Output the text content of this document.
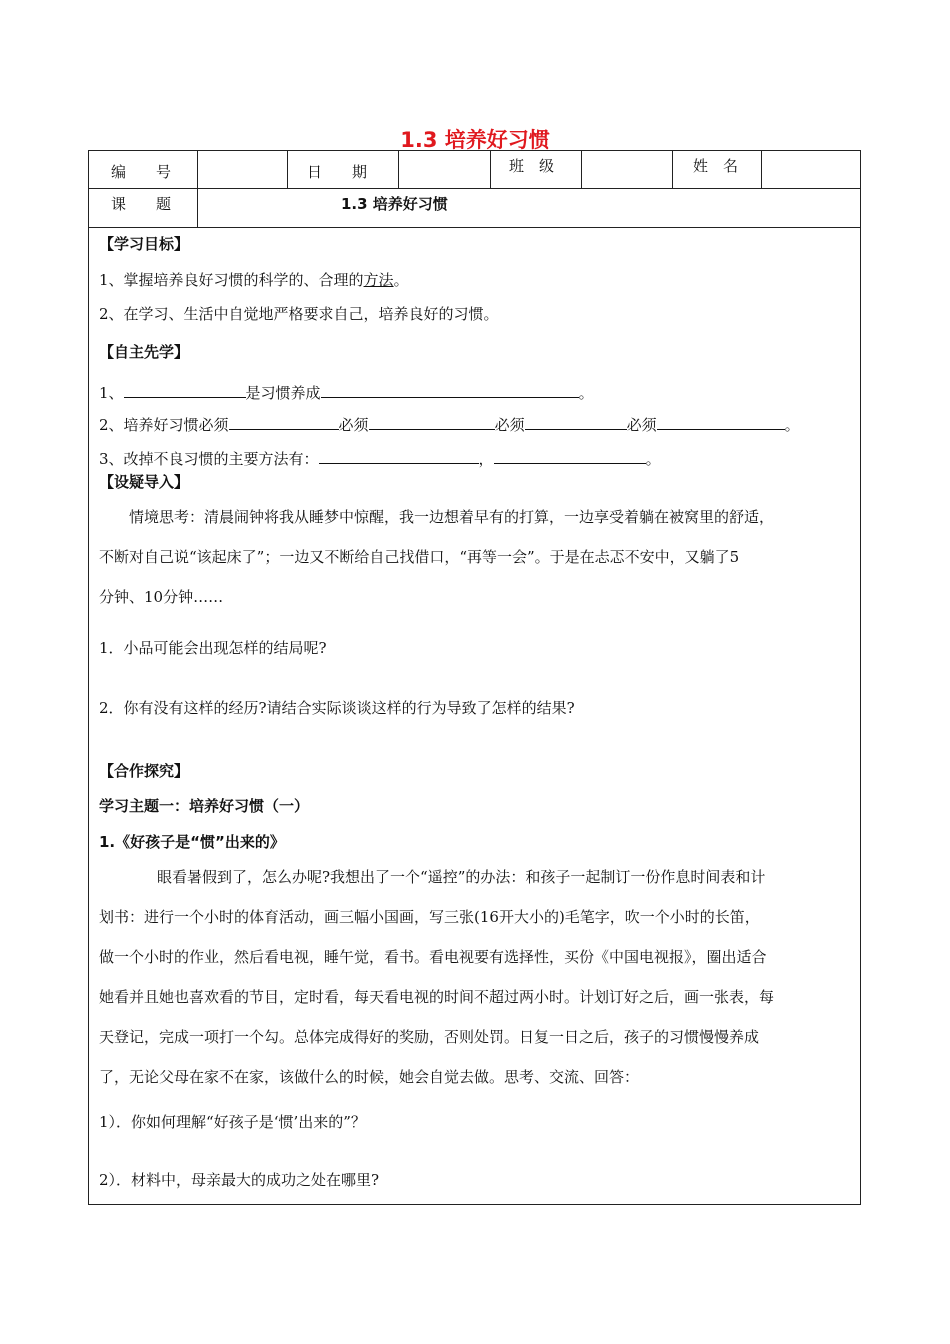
1.3 培养好习惯
编　　号	日　　期	班　级	姓　名
课　　题	1.3 培养好习惯
【学习目标】
1、掌握培养良好习惯的科学的、合理的方法。
2、在学习、生活中自觉地严格要求自己，培养良好的习惯。
【自主先学】
1、	是习惯养成	。
2、培养好习惯必须	必须	必须	必须	。
3、改掉不良习惯的主要方法有：	，	。
【设疑导入】
情境思考：清晨闹钟将我从睡梦中惊醒，我一边想着早有的打算，一边享受着躺在被窝里的舒适，
不断对自己说“该起床了”；一边又不断给自己找借口，“再等一会”。于是在忐忑不安中，又躺了5
分钟、10分钟……
1．小品可能会出现怎样的结局呢?
2．你有没有这样的经历?请结合实际谈谈这样的行为导致了怎样的结果?
【合作探究】
学习主题一：培养好习惯（一）
1.《好孩子是“惯”出来的》
眼看暑假到了，怎么办呢?我想出了一个“遥控”的办法：和孩子一起制订一份作息时间表和计
划书：进行一个小时的体育活动，画三幅小国画，写三张(16开大小的)毛笔字，吹一个小时的长笛，
做一个小时的作业，然后看电视，睡午觉，看书。看电视要有选择性，买份《中国电视报》，圈出适合
她看并且她也喜欢看的节目，定时看，每天看电视的时间不超过两小时。计划订好之后，画一张表，每
天登记，完成一项打一个勾。总体完成得好的奖励，否则处罚。日复一日之后，孩子的习惯慢慢养成
了，无论父母在家不在家，该做什么的时候，她会自觉去做。思考、交流、回答：
1）．你如何理解“好孩子是‘惯’出来的”？
2）．材料中，母亲最大的成功之处在哪里?
